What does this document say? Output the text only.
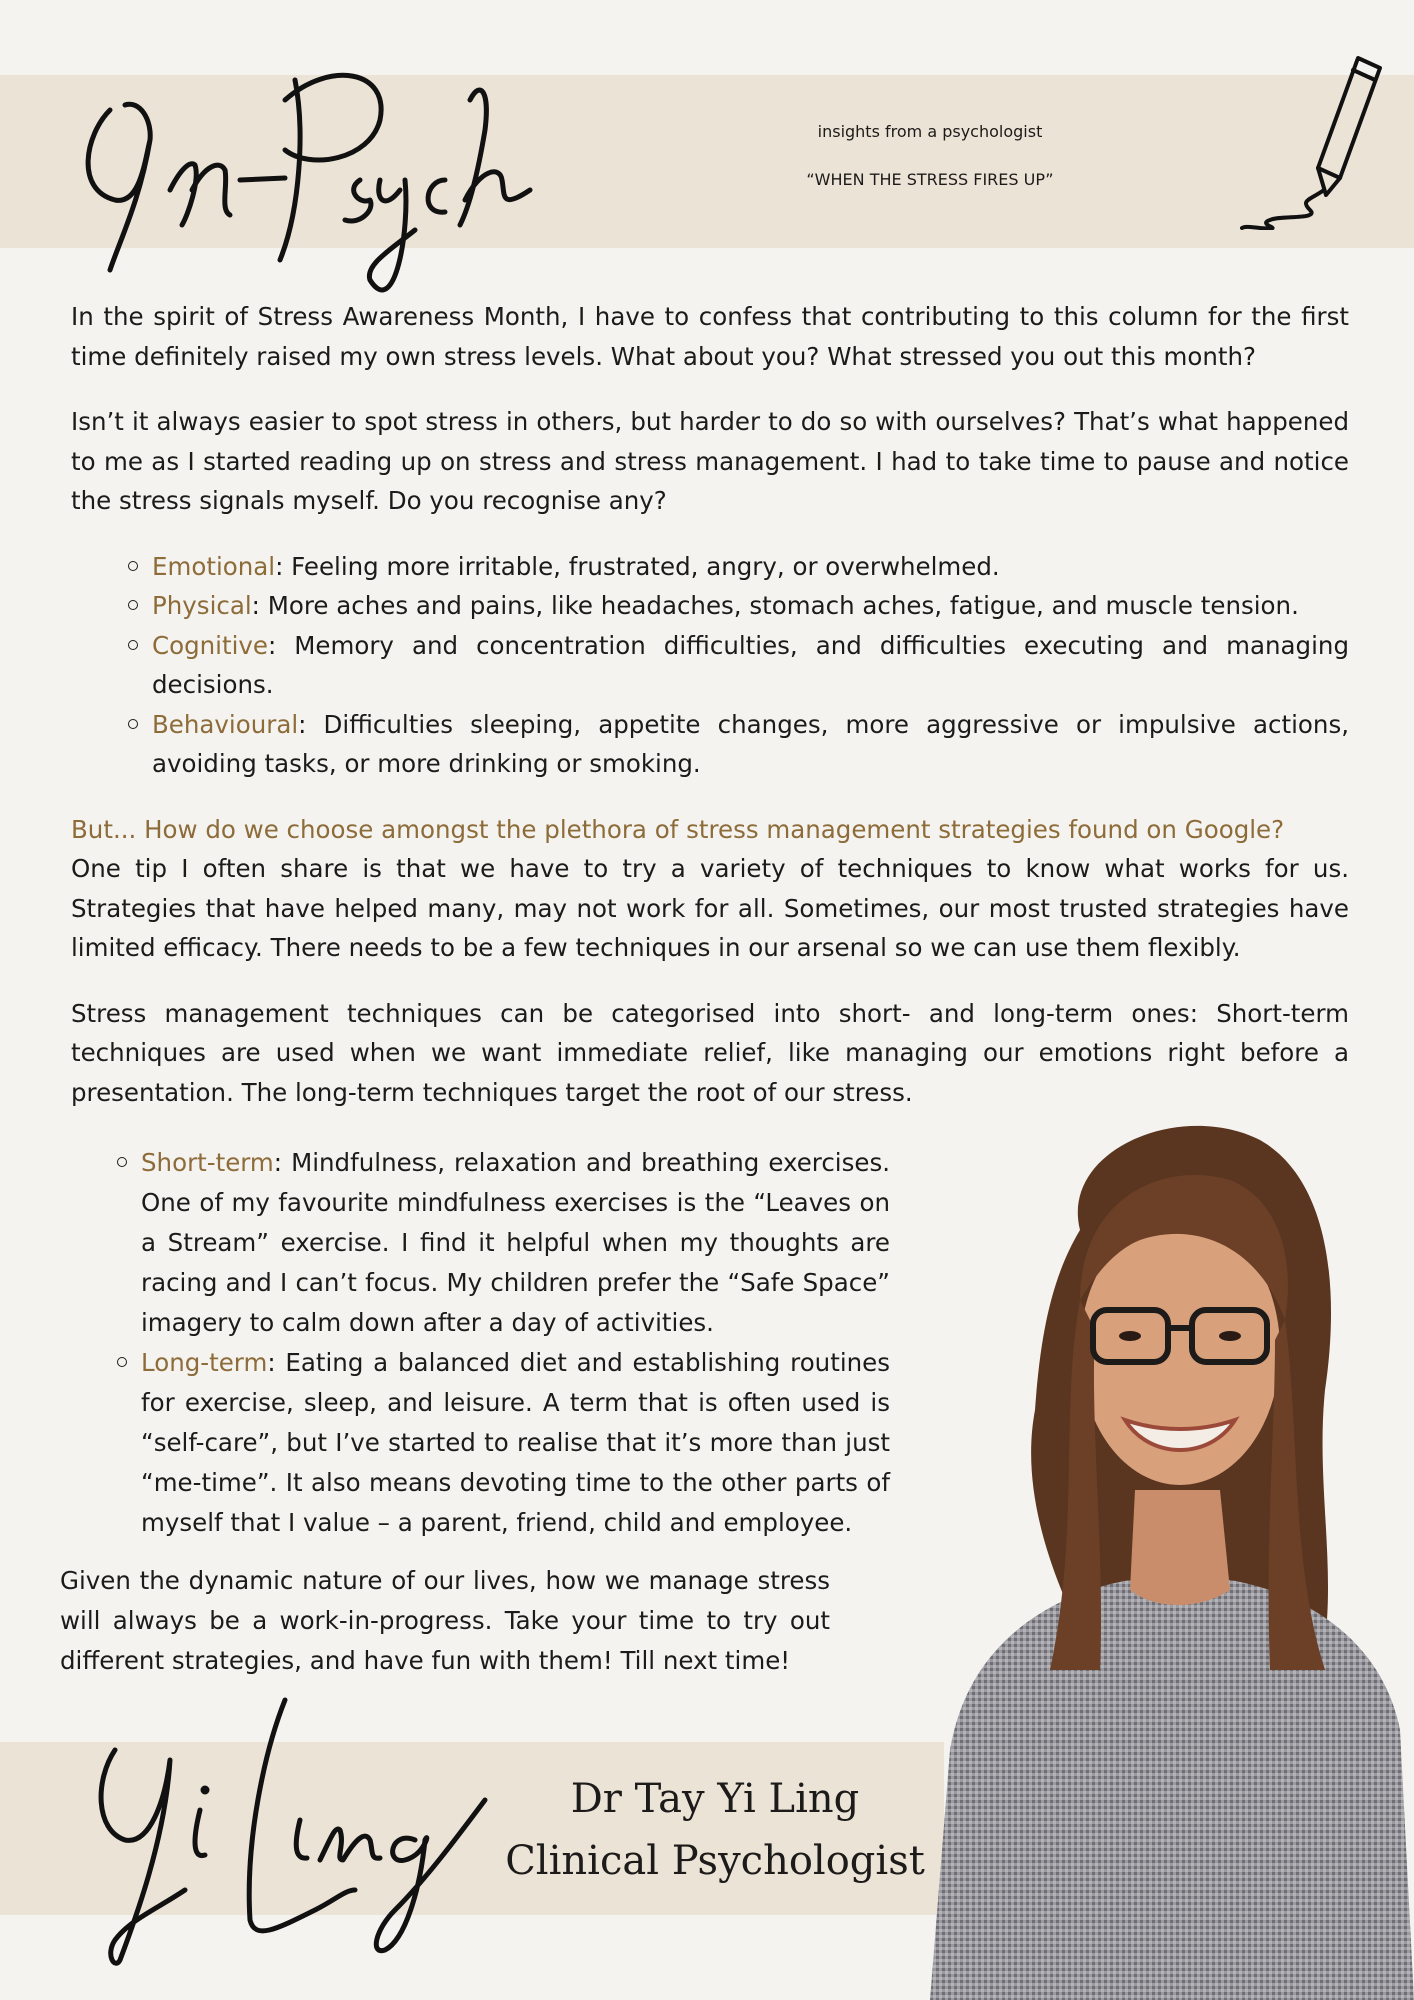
insights from a psychologist
“WHEN THE STRESS FIRES UP”

In the spirit of Stress Awareness Month, I have to confess that contributing to this column for the first time definitely raised my own stress levels. What about you? What stressed you out this month?

Isn’t it always easier to spot stress in others, but harder to do so with ourselves? That’s what happened to me as I started reading up on stress and stress management. I had to take time to pause and notice the stress signals myself. Do you recognise any?

Emotional: Feeling more irritable, frustrated, angry, or overwhelmed.
Physical: More aches and pains, like headaches, stomach aches, fatigue, and muscle tension.
Cognitive: Memory and concentration difficulties, and difficulties executing and managing decisions.
Behavioural: Difficulties sleeping, appetite changes, more aggressive or impulsive actions, avoiding tasks, or more drinking or smoking.

But... How do we choose amongst the plethora of stress management strategies found on Google?

One tip I often share is that we have to try a variety of techniques to know what works for us. Strategies that have helped many, may not work for all. Sometimes, our most trusted strategies have limited efficacy. There needs to be a few techniques in our arsenal so we can use them flexibly.

Stress management techniques can be categorised into short- and long-term ones: Short-term techniques are used when we want immediate relief, like managing our emotions right before a presentation. The long-term techniques target the root of our stress.

Short-term: Mindfulness, relaxation and breathing exercises. One of my favourite mindfulness exercises is the “Leaves on a Stream” exercise. I find it helpful when my thoughts are racing and I can’t focus. My children prefer the “Safe Space” imagery to calm down after a day of activities.
Long-term: Eating a balanced diet and establishing routines for exercise, sleep, and leisure. A term that is often used is “self-care”, but I’ve started to realise that it’s more than just “me-time”. It also means devoting time to the other parts of myself that I value – a parent, friend, child and employee.

Given the dynamic nature of our lives, how we manage stress will always be a work-in-progress. Take your time to try out different strategies, and have fun with them! Till next time!

Dr Tay Yi Ling
Clinical Psychologist
